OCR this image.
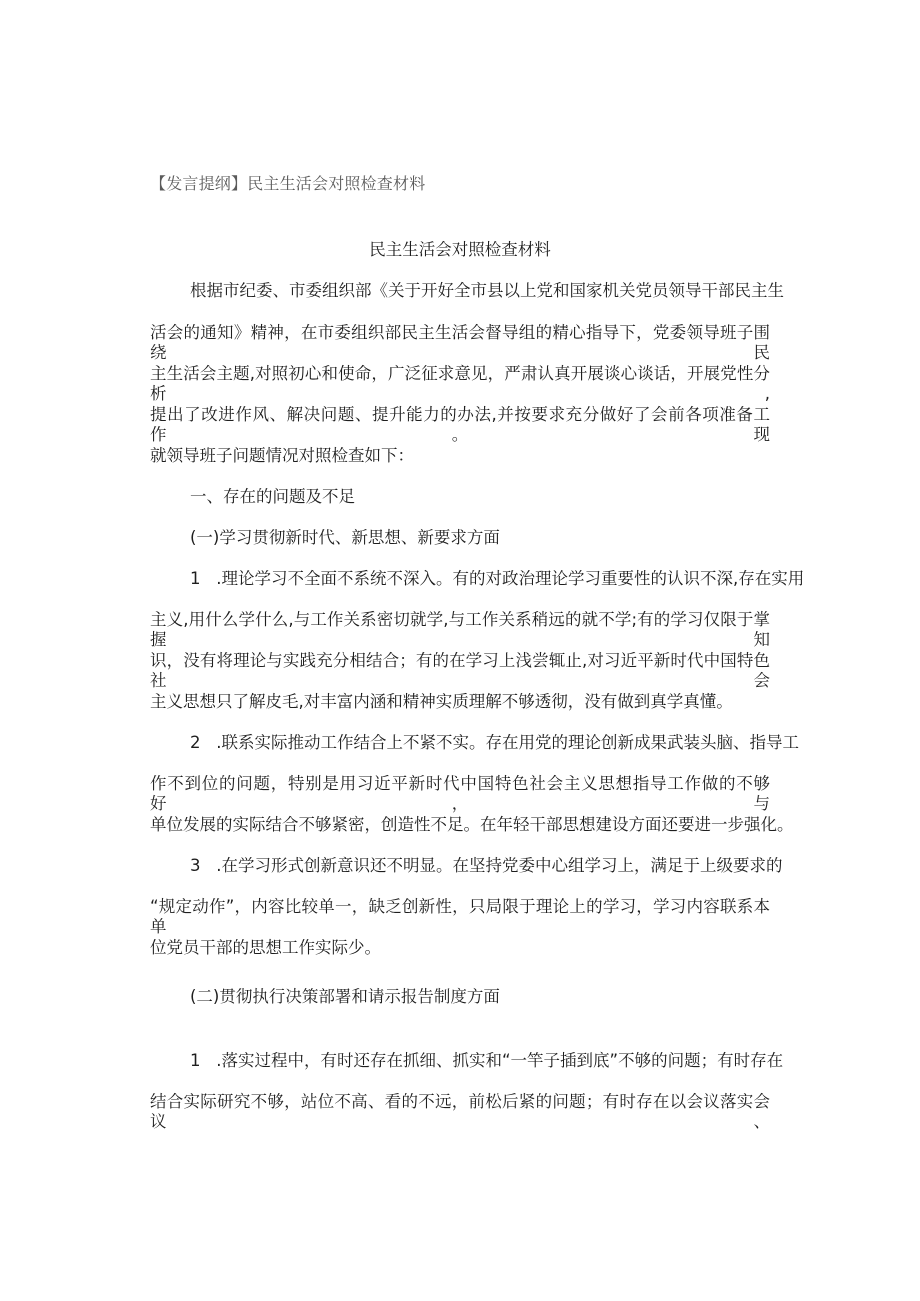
【发言提纲】民主生活会对照检查材料
民主生活会对照检查材料
根据市纪委、市委组织部《关于开好全市县以上党和国家机关党员领导干部民主生
活会的通知》精神，在市委组织部民主生活会督导组的精心指导下，党委领导班子围绕民
主生活会主题,对照初心和使命，广泛征求意见，严肃认真开展谈心谈话，开展党性分析,
提出了改进作风、解决问题、提升能力的办法,并按要求充分做好了会前各项准备工作。现
就领导班子问题情况对照检查如下：
一、存在的问题及不足
(一)学习贯彻新时代、新思想、新要求方面
1   .理论学习不全面不系统不深入。有的对政治理论学习重要性的认识不深,存在实用
主义,用什么学什么,与工作关系密切就学,与工作关系稍远的就不学;有的学习仅限于掌握知
识，没有将理论与实践充分相结合；有的在学习上浅尝辄止,对习近平新时代中国特色社会
主义思想只了解皮毛,对丰富内涵和精神实质理解不够透彻，没有做到真学真懂。
2   .联系实际推动工作结合上不紧不实。存在用党的理论创新成果武装头脑、指导工
作不到位的问题，特别是用习近平新时代中国特色社会主义思想指导工作做的不够好，与
单位发展的实际结合不够紧密，创造性不足。在年轻干部思想建设方面还要进一步强化。
3   .在学习形式创新意识还不明显。在坚持党委中心组学习上，满足于上级要求的
“规定动作”，内容比较单一，缺乏创新性，只局限于理论上的学习，学习内容联系本单
位党员干部的思想工作实际少。
(二)贯彻执行决策部署和请示报告制度方面
1   .落实过程中，有时还存在抓细、抓实和“一竿子插到底”不够的问题；有时存在
结合实际研究不够，站位不高、看的不远，前松后紧的问题；有时存在以会议落实会议、
